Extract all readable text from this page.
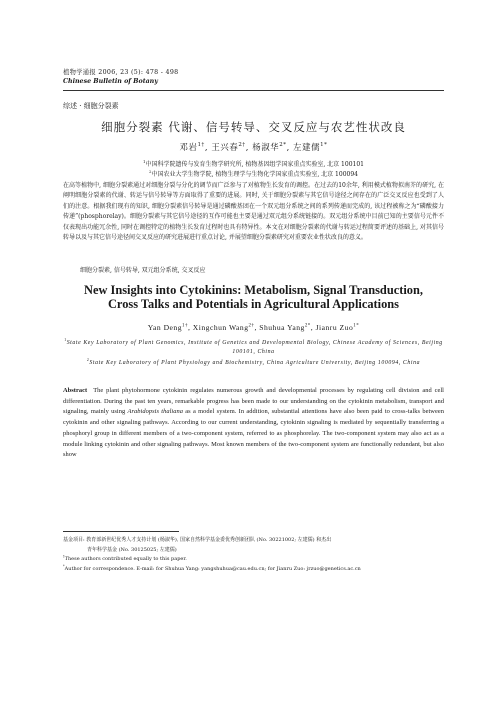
植物学通报 2006, 23 (5): 478 - 498
Chinese Bulletin of Botany
综述 · 细胞分裂素
细胞分裂素 代谢、信号转导、交叉反应与农艺性状改良
邓岩$^{1\dagger}$, 王兴春$^{2\dagger}$, 杨淑华$^{2*}$, 左建儒$^{1*}$
$^1$中国科学院遗传与发育生物学研究所, 植物基因组学国家重点实验室, 北京 100101
$^2$中国农业大学生物学院, 植物生理学与生物化学国家重点实验室, 北京 100094

在高等植物中, 细胞分裂素通过对细胞分裂与分化的调节而广泛参与了对植物生长发育的调控。在过去的10余年, 利用模式植物拟南芥的研究, 在阐明细胞分裂素的代谢、转运与信号转导等方面取得了重要的进展。同时, 关于细胞分裂素与其它信号途径之间存在的广泛交叉反应也受到了人们的注意。根据我们现有的知识, 细胞分裂素信号转导是通过磷酸基团在一个双元组分系统之间的系列传递而完成的, 该过程被称之为“磷酸接力传递”(phosphorelay)。细胞分裂素与其它信号途径的互作可能也主要是通过双元组分系统链接的。双元组分系统中目前已知的主要信号元件不仅表现出功能冗余性, 同时在调控特定的植物生长发育过程时也具有特异性。本文在对细胞分裂素的代谢与转运过程简要评述的基础上, 对其信号转导以及与其它信号途径间交叉反应的研究进展进行重点讨论, 并展望细胞分裂素研究对重要农业性状改良的意义。

细胞分裂素, 信号转导, 双元组分系统, 交叉反应
New Insights into Cytokinins: Metabolism, Signal Transduction,
Cross Talks and Potentials in Agricultural Applications
Yan Deng$^{1\dagger}$, Xingchun Wang$^{2\dagger}$, Shuhua Yang$^{2*}$, Jianru Zuo$^{1*}$
$^1$State Key Laboratory of Plant Genomics, Institute of Genetics and Developmental Biology, Chinese Academy of Sciences, Beijing 100101, China
$^2$State Key Laboratory of Plant Physiology and Biochemistry, China Agriculture University, Beijing 100094, China

Abstract The plant phytohormone cytokinin regulates numerous growth and developmental processes by regulating cell division and cell differentiation. During the past ten years, remarkable progress has been made to our understanding on the cytokinin metabolism, transport and signaling, mainly using Arabidopsis thaliana as a model system. In addition, substantial attentions have also been paid to cross-talks between cytokinin and other signaling pathways. According to our current understanding, cytokinin signaling is mediated by sequentially transferring a phosphoryl group in different members of a two-component system, referred to as phosphorelay. The two-component system may also act as a module linking cytokinin and other signaling pathways. Most known members of the two-component system are functionally redundant, but also show

基金项目: 教育部新世纪优秀人才支持计划 (杨淑华), 国家自然科学基金委优秀创新团队 (No. 30221002; 左建儒) 和杰出
青年科学基金 (No. 30125025; 左建儒)
†These authors contributed equally to this paper.
*Author for correspondence. E-mail: for Shuhua Yang: yangshuhua@cau.edu.cn; for Jianru Zuo: jrzuo@genetics.ac.cn
